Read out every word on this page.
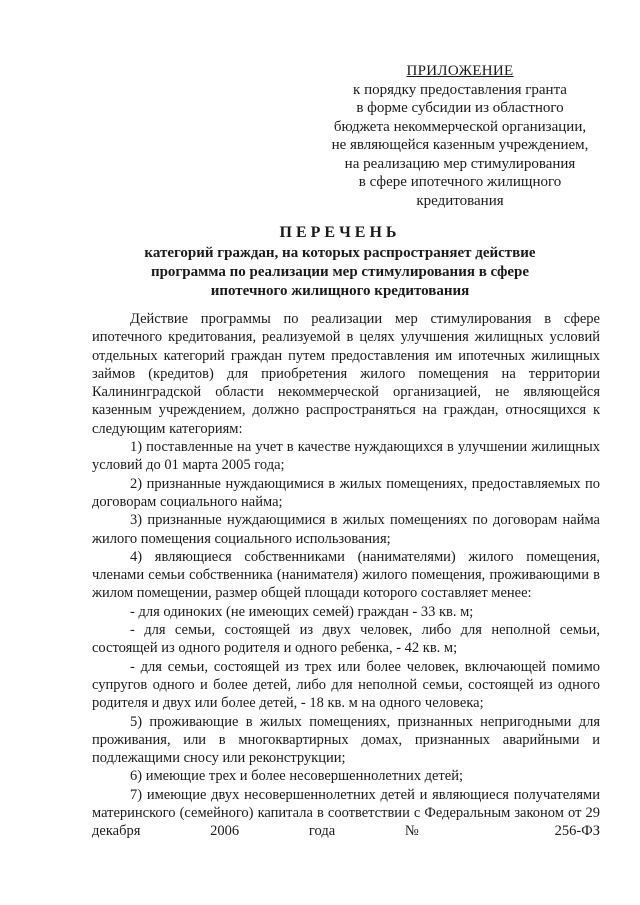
ПРИЛОЖЕНИЕ
к порядку предоставления гранта
в форме субсидии из областного
бюджета некоммерческой организации,
не являющейся казенным учреждением,
на реализацию мер стимулирования
в сфере ипотечного жилищного
кредитования
ПЕРЕЧЕНЬ
категорий граждан, на которых распространяет действие
программа по реализации мер стимулирования в сфере
ипотечного жилищного кредитования

Действие программы по реализации мер стимулирования в сфере ипотечного кредитования, реализуемой в целях улучшения жилищных условий отдельных категорий граждан путем предоставления им ипотечных жилищных займов (кредитов) для приобретения жилого помещения на территории Калининградской области некоммерческой организацией, не являющейся казенным учреждением, должно распространяться на граждан, относящихся к следующим категориям:

1) поставленные на учет в качестве нуждающихся в улучшении жилищных условий до 01 марта 2005 года;

2) признанные нуждающимися в жилых помещениях, предоставляемых по договорам социального найма;

3) признанные нуждающимися в жилых помещениях по договорам найма жилого помещения социального использования;

4) являющиеся собственниками (нанимателями) жилого помещения, членами семьи собственника (нанимателя) жилого помещения, проживающими в жилом помещении, размер общей площади которого составляет менее:

- для одиноких (не имеющих семей) граждан - 33 кв. м;

- для семьи, состоящей из двух человек, либо для неполной семьи, состоящей из одного родителя и одного ребенка, - 42 кв. м;

- для семьи, состоящей из трех или более человек, включающей помимо супругов одного и более детей, либо для неполной семьи, состоящей из одного родителя и двух или более детей, - 18 кв. м на одного человека;

5) проживающие в жилых помещениях, признанных непригодными для проживания, или в многоквартирных домах, признанных аварийными и подлежащими сносу или реконструкции;

6) имеющие трех и более несовершеннолетних детей;

7) имеющие двух несовершеннолетних детей и являющиеся получателями материнского (семейного) капитала в соответствии с Федеральным законом от 29 декабря 2006 года № 256-ФЗ
